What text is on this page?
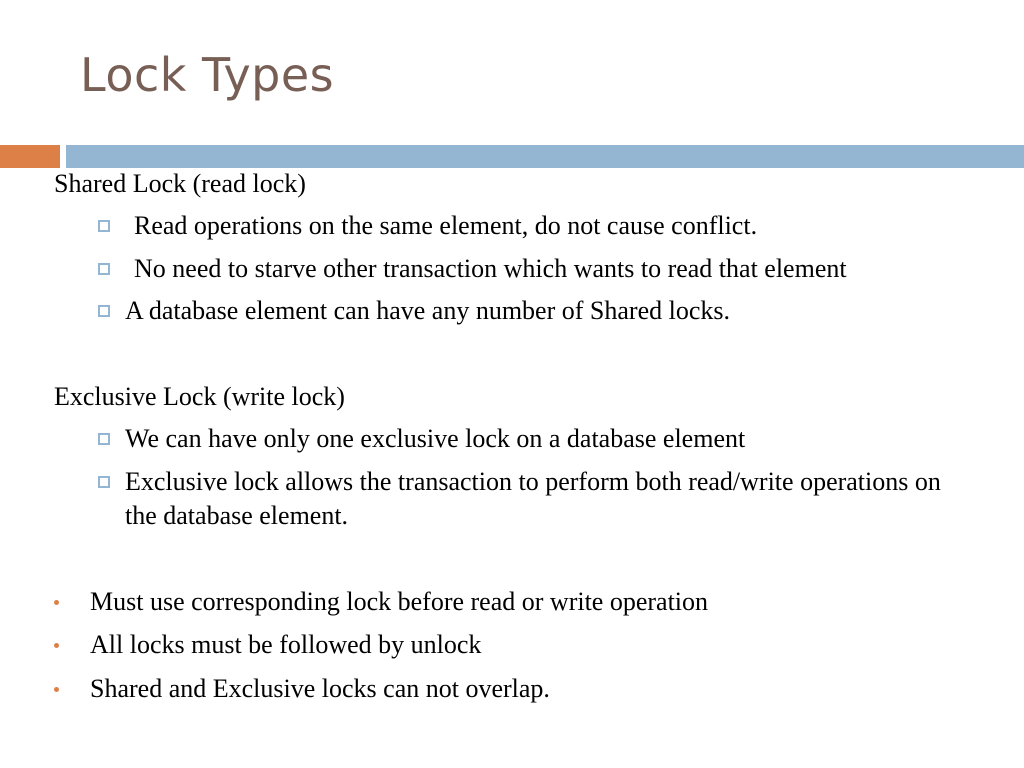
Lock Types
Shared Lock (read lock)
Read operations on the same element, do not cause conflict.
No need to starve other transaction which wants to read that element
A database element can have any number of Shared locks.
Exclusive Lock (write lock)
We can have only one exclusive lock on a database element
Exclusive lock allows the transaction to perform both read/write operations on the database element.
Must use corresponding lock before read or write operation
All locks must be followed by unlock
Shared and Exclusive locks can not overlap.
